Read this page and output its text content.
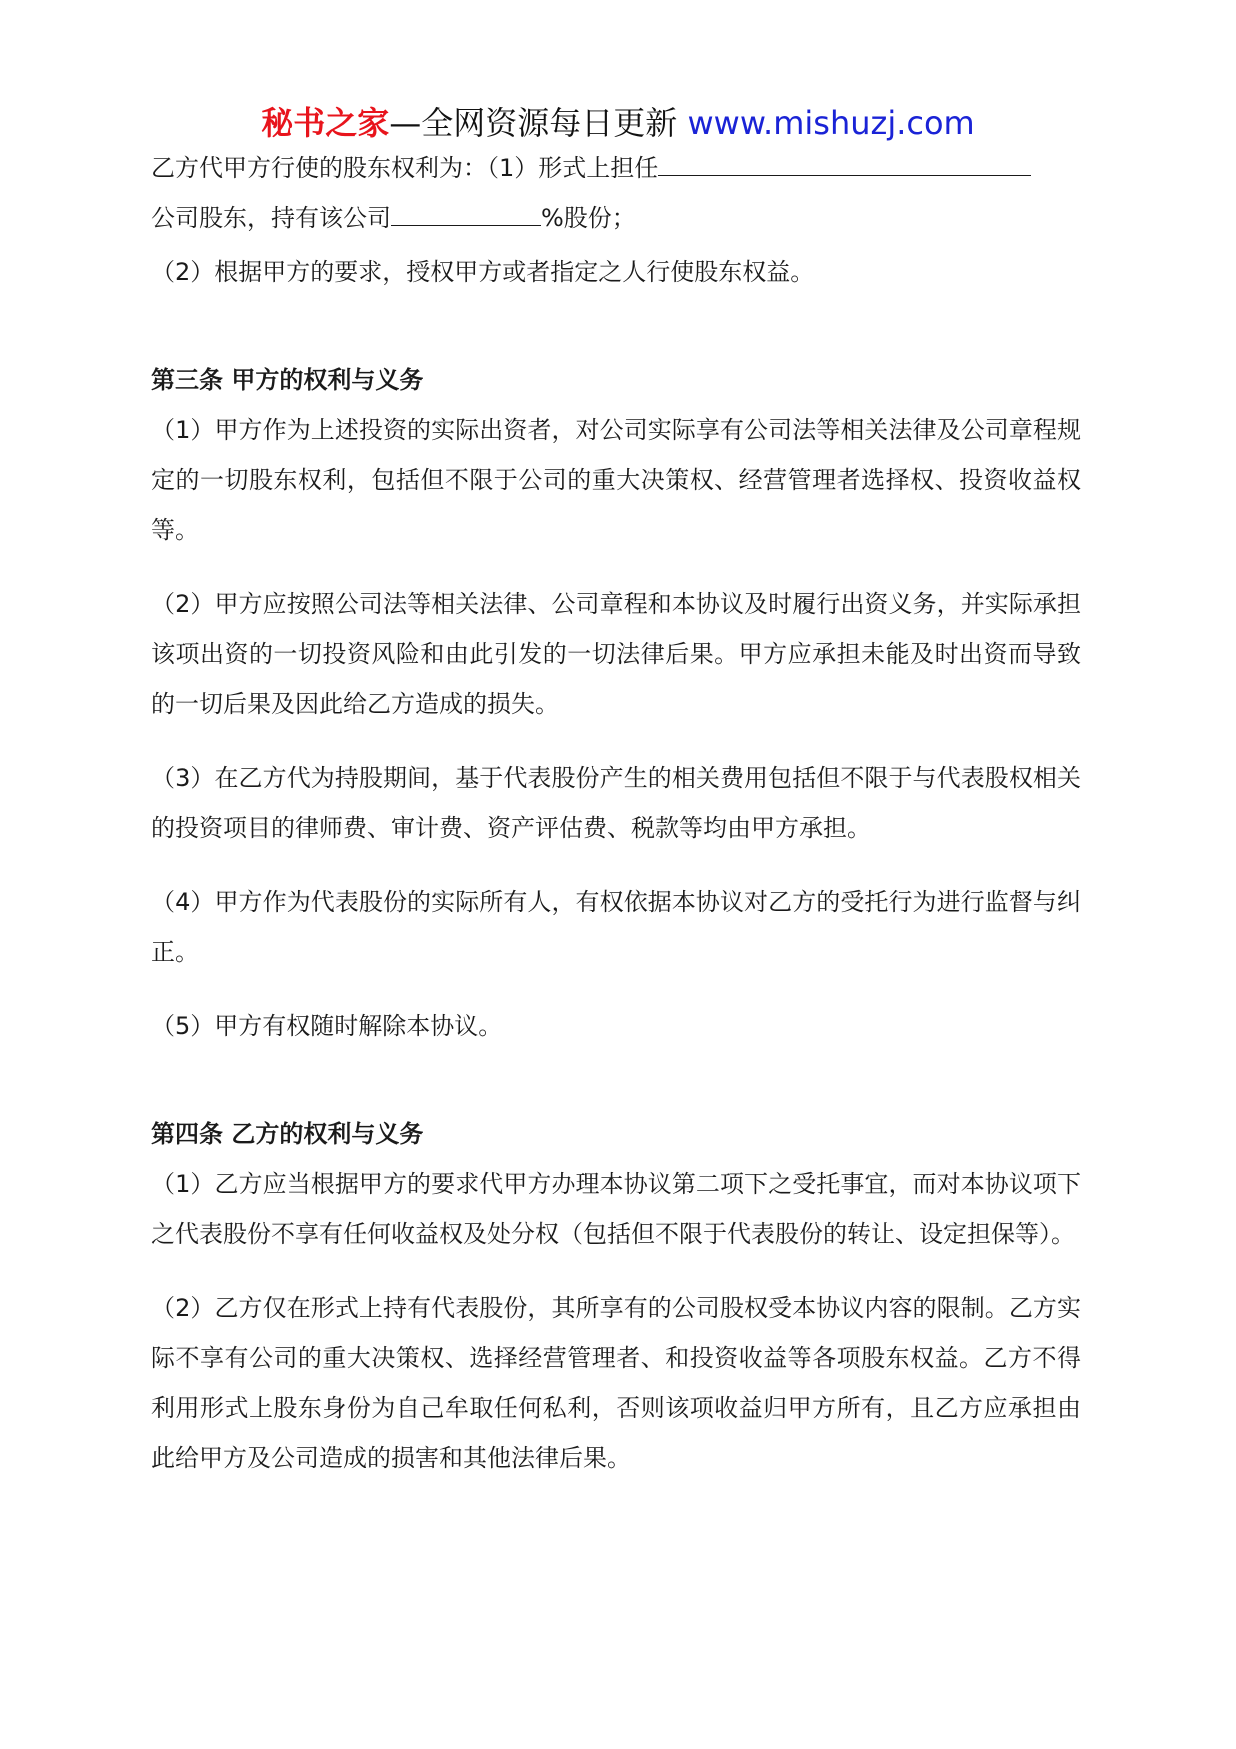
秘书之家—全网资源每日更新 www.mishuzj.com

乙方代甲方行使的股东权利为：（1）形式上担任
公司股东，持有该公司	%股份；

（2）根据甲方的要求，授权甲方或者指定之人行使股东权益。

第三条 甲方的权利与义务

（1）甲方作为上述投资的实际出资者，对公司实际享有公司法等相关法律及公司章程规定的一切股东权利，包括但不限于公司的重大决策权、经营管理者选择权、投资收益权等。

（2）甲方应按照公司法等相关法律、公司章程和本协议及时履行出资义务，并实际承担该项出资的一切投资风险和由此引发的一切法律后果。甲方应承担未能及时出资而导致的一切后果及因此给乙方造成的损失。

（3）在乙方代为持股期间，基于代表股份产生的相关费用包括但不限于与代表股权相关的投资项目的律师费、审计费、资产评估费、税款等均由甲方承担。

（4）甲方作为代表股份的实际所有人，有权依据本协议对乙方的受托行为进行监督与纠正。

（5）甲方有权随时解除本协议。

第四条 乙方的权利与义务

（1）乙方应当根据甲方的要求代甲方办理本协议第二项下之受托事宜，而对本协议项下之代表股份不享有任何收益权及处分权（包括但不限于代表股份的转让、设定担保等）。

（2）乙方仅在形式上持有代表股份，其所享有的公司股权受本协议内容的限制。乙方实际不享有公司的重大决策权、选择经营管理者、和投资收益等各项股东权益。乙方不得利用形式上股东身份为自己牟取任何私利，否则该项收益归甲方所有，且乙方应承担由此给甲方及公司造成的损害和其他法律后果。
